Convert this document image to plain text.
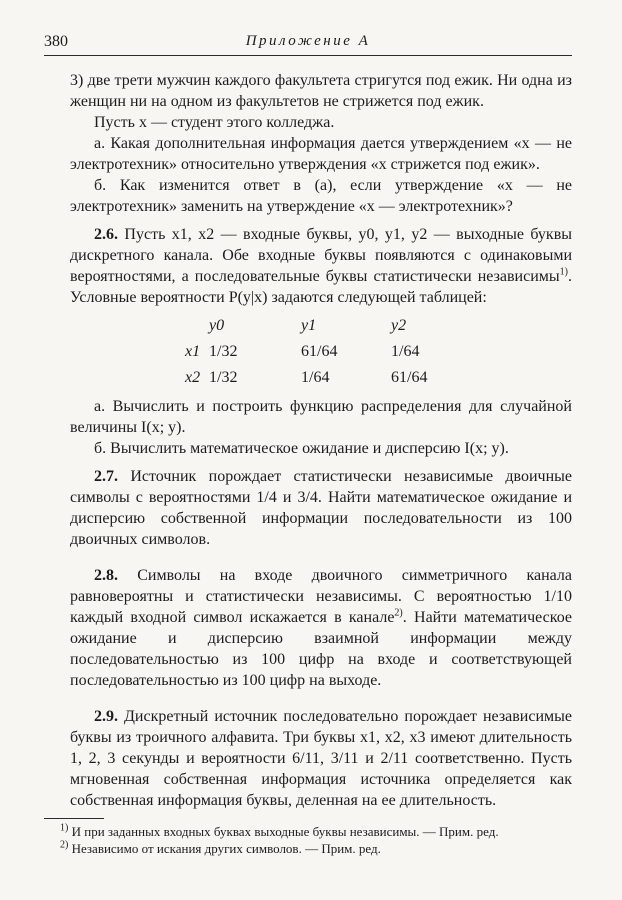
380	Приложение А

3) две трети мужчин каждого факультета стригутся под ежик. Ни одна из женщин ни на одном из факультетов не стрижется под ежик.

Пусть x — студент этого колледжа.

а. Какая дополнительная информация дается утверждением «x — не электротехник» относительно утверждения «x стрижется под ежик».

б. Как изменится ответ в (а), если утверждение «x — не электротехник» заменить на утверждение «x — электротехник»?

2.6. Пусть x1, x2 — входные буквы, y0, y1, y2 — выходные буквы дискретного канала. Обе входные буквы появляются с одинаковыми вероятностями, а последовательные буквы статистически независимы$^{1)}$. Условные вероятности P(y|x) задаются следующей таблицей:

	y0	y1	y2
x1	1/32	61/64	1/64
x2	1/32	1/64	61/64

а. Вычислить и построить функцию распределения для случайной величины I(x; y).

б. Вычислить математическое ожидание и дисперсию I(x; y).

2.7. Источник порождает статистически независимые двоичные символы с вероятностями 1/4 и 3/4. Найти математическое ожидание и дисперсию собственной информации последовательности из 100 двоичных символов.

2.8. Символы на входе двоичного симметричного канала равновероятны и статистически независимы. С вероятностью 1/10 каждый входной символ искажается в канале$^{2)}$. Найти математическое ожидание и дисперсию взаимной информации между последовательностью из 100 цифр на входе и соответствующей последовательностью из 100 цифр на выходе.

2.9. Дискретный источник последовательно порождает независимые буквы из троичного алфавита. Три буквы x1, x2, x3 имеют длительность 1, 2, 3 секунды и вероятности 6/11, 3/11 и 2/11 соответственно. Пусть мгновенная собственная информация источника определяется как собственная информация буквы, деленная на ее длительность.

$^{1)}$ И при заданных входных буквах выходные буквы независимы. — Прим. ред.

$^{2)}$ Независимо от искания других символов. — Прим. ред.
